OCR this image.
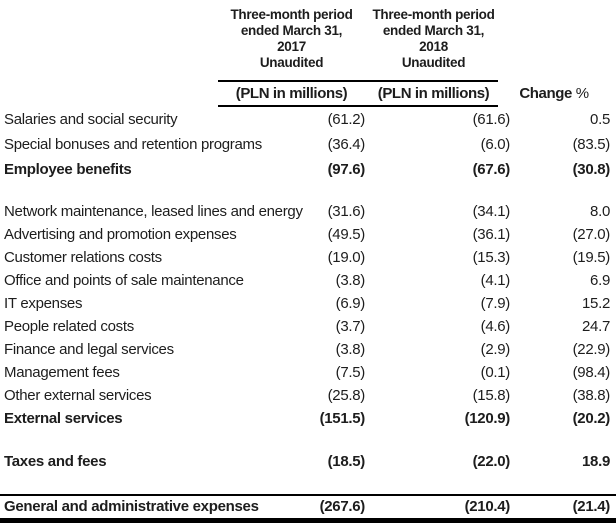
Three-month period
ended March 31,
2017
Unaudited
Three-month period
ended March 31,
2018
Unaudited
(PLN in millions)	(PLN in millions)	Change %
Salaries and social security	(61.2)	(61.6)	0.5
Special bonuses and retention programs	(36.4)	(6.0)	(83.5)
Employee benefits	(97.6)	(67.6)	(30.8)
Network maintenance, leased lines and energy	(31.6)	(34.1)	8.0
Advertising and promotion expenses	(49.5)	(36.1)	(27.0)
Customer relations costs	(19.0)	(15.3)	(19.5)
Office and points of sale maintenance	(3.8)	(4.1)	6.9
IT expenses	(6.9)	(7.9)	15.2
People related costs	(3.7)	(4.6)	24.7
Finance and legal services	(3.8)	(2.9)	(22.9)
Management fees	(7.5)	(0.1)	(98.4)
Other external services	(25.8)	(15.8)	(38.8)
External services	(151.5)	(120.9)	(20.2)
Taxes and fees	(18.5)	(22.0)	18.9
General and administrative expenses	(267.6)	(210.4)	(21.4)
